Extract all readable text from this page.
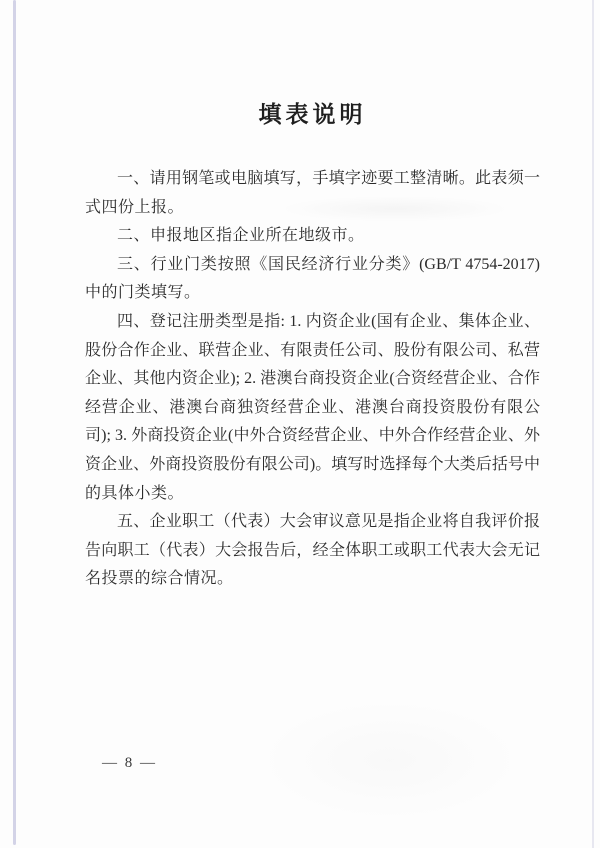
填表说明
一、请用钢笔或电脑填写，手填字迹要工整清晰。此表须一
式四份上报。
二、申报地区指企业所在地级市。
三、行业门类按照《国民经济行业分类》(GB/T 4754-2017)
中的门类填写。
四、登记注册类型是指: 1. 内资企业(国有企业、集体企业、
股份合作企业、联营企业、有限责任公司、股份有限公司、私营
企业、其他内资企业); 2. 港澳台商投资企业(合资经营企业、合作
经营企业、港澳台商独资经营企业、港澳台商投资股份有限公
司); 3. 外商投资企业(中外合资经营企业、中外合作经营企业、外
资企业、外商投资股份有限公司)。填写时选择每个大类后括号中
的具体小类。
五、企业职工（代表）大会审议意见是指企业将自我评价报
告向职工（代表）大会报告后，经全体职工或职工代表大会无记
名投票的综合情况。
— 8 —
